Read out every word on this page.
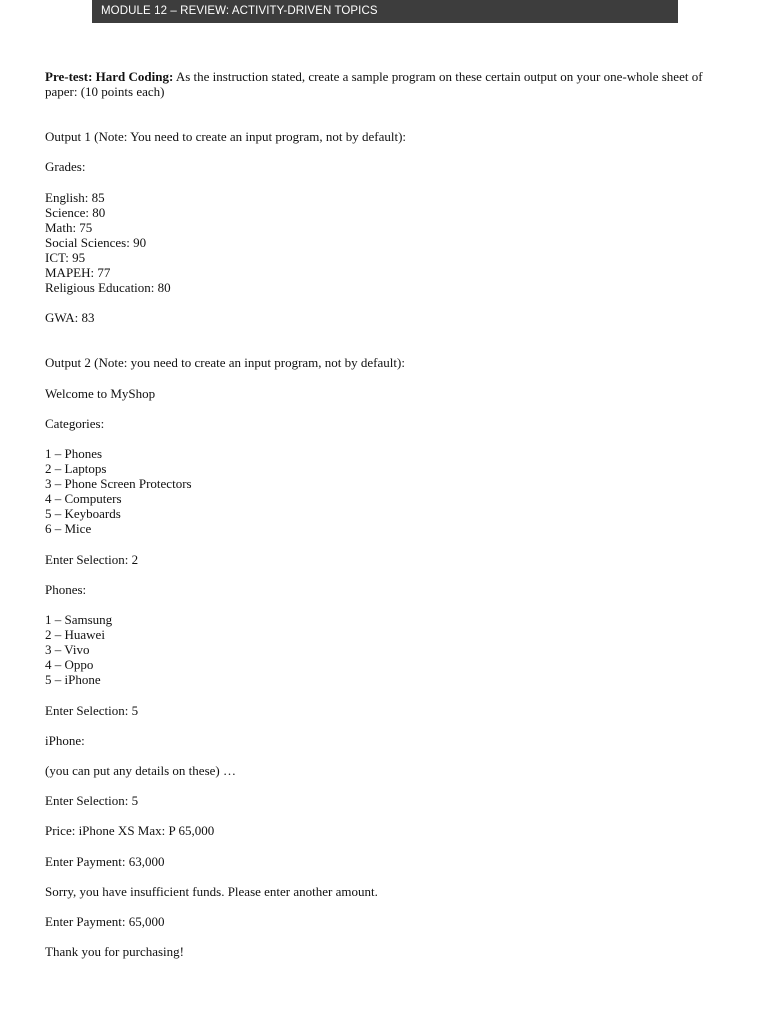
MODULE 12 – REVIEW: ACTIVITY-DRIVEN TOPICS

Pre-test: Hard Coding: As the instruction stated, create a sample program on these certain output on your one-whole sheet of paper: (10 points each)

Output 1 (Note: You need to create an input program, not by default):
Grades:
English: 85
Science: 80
Math: 75
Social Sciences: 90
ICT: 95
MAPEH: 77
Religious Education: 80
GWA: 83
Output 2 (Note: you need to create an input program, not by default):
Welcome to MyShop
Categories:
1 – Phones
2 – Laptops
3 – Phone Screen Protectors
4 – Computers
5 – Keyboards
6 – Mice
Enter Selection: 2
Phones:
1 – Samsung
2 – Huawei
3 – Vivo
4 – Oppo
5 – iPhone
Enter Selection: 5
iPhone:
(you can put any details on these) …
Enter Selection: 5
Price: iPhone XS Max: P 65,000
Enter Payment: 63,000
Sorry, you have insufficient funds. Please enter another amount.
Enter Payment: 65,000
Thank you for purchasing!
